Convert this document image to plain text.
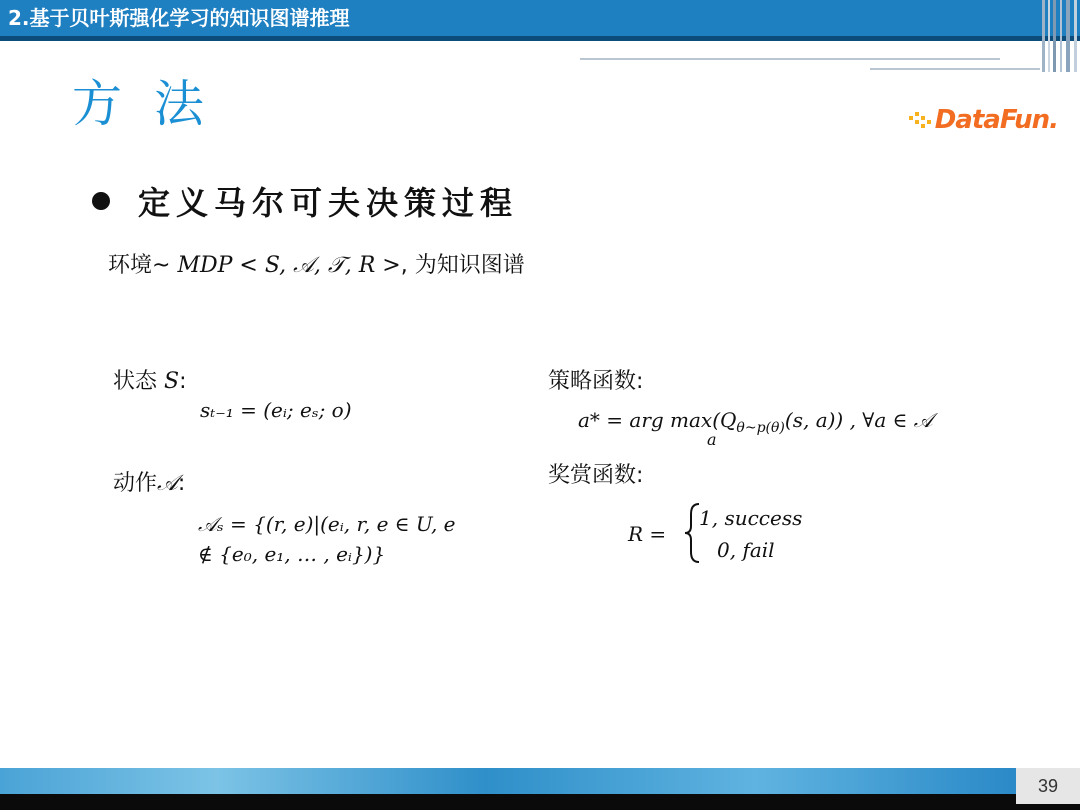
2.基于贝叶斯强化学习的知识图谱推理
方 法	DataFun.
定义马尔可夫决策过程
环境~ MDP < S, 𝒜, 𝒯, R >, 为知识图谱
状态 S:
sₜ₋₁ = (eᵢ; eₛ; o)
动作𝒜:
𝒜ₛ = {(r, e)|(eᵢ, r, e ∈ U, e
∉ {e₀, e₁, … , eᵢ})}
策略函数:
a* = arg $\max(Q_{\theta\sim p(\theta)}(s$, a)) , ∀a ∈ 𝒜
a
奖赏函数:
R =
1, success
0, fail
39
